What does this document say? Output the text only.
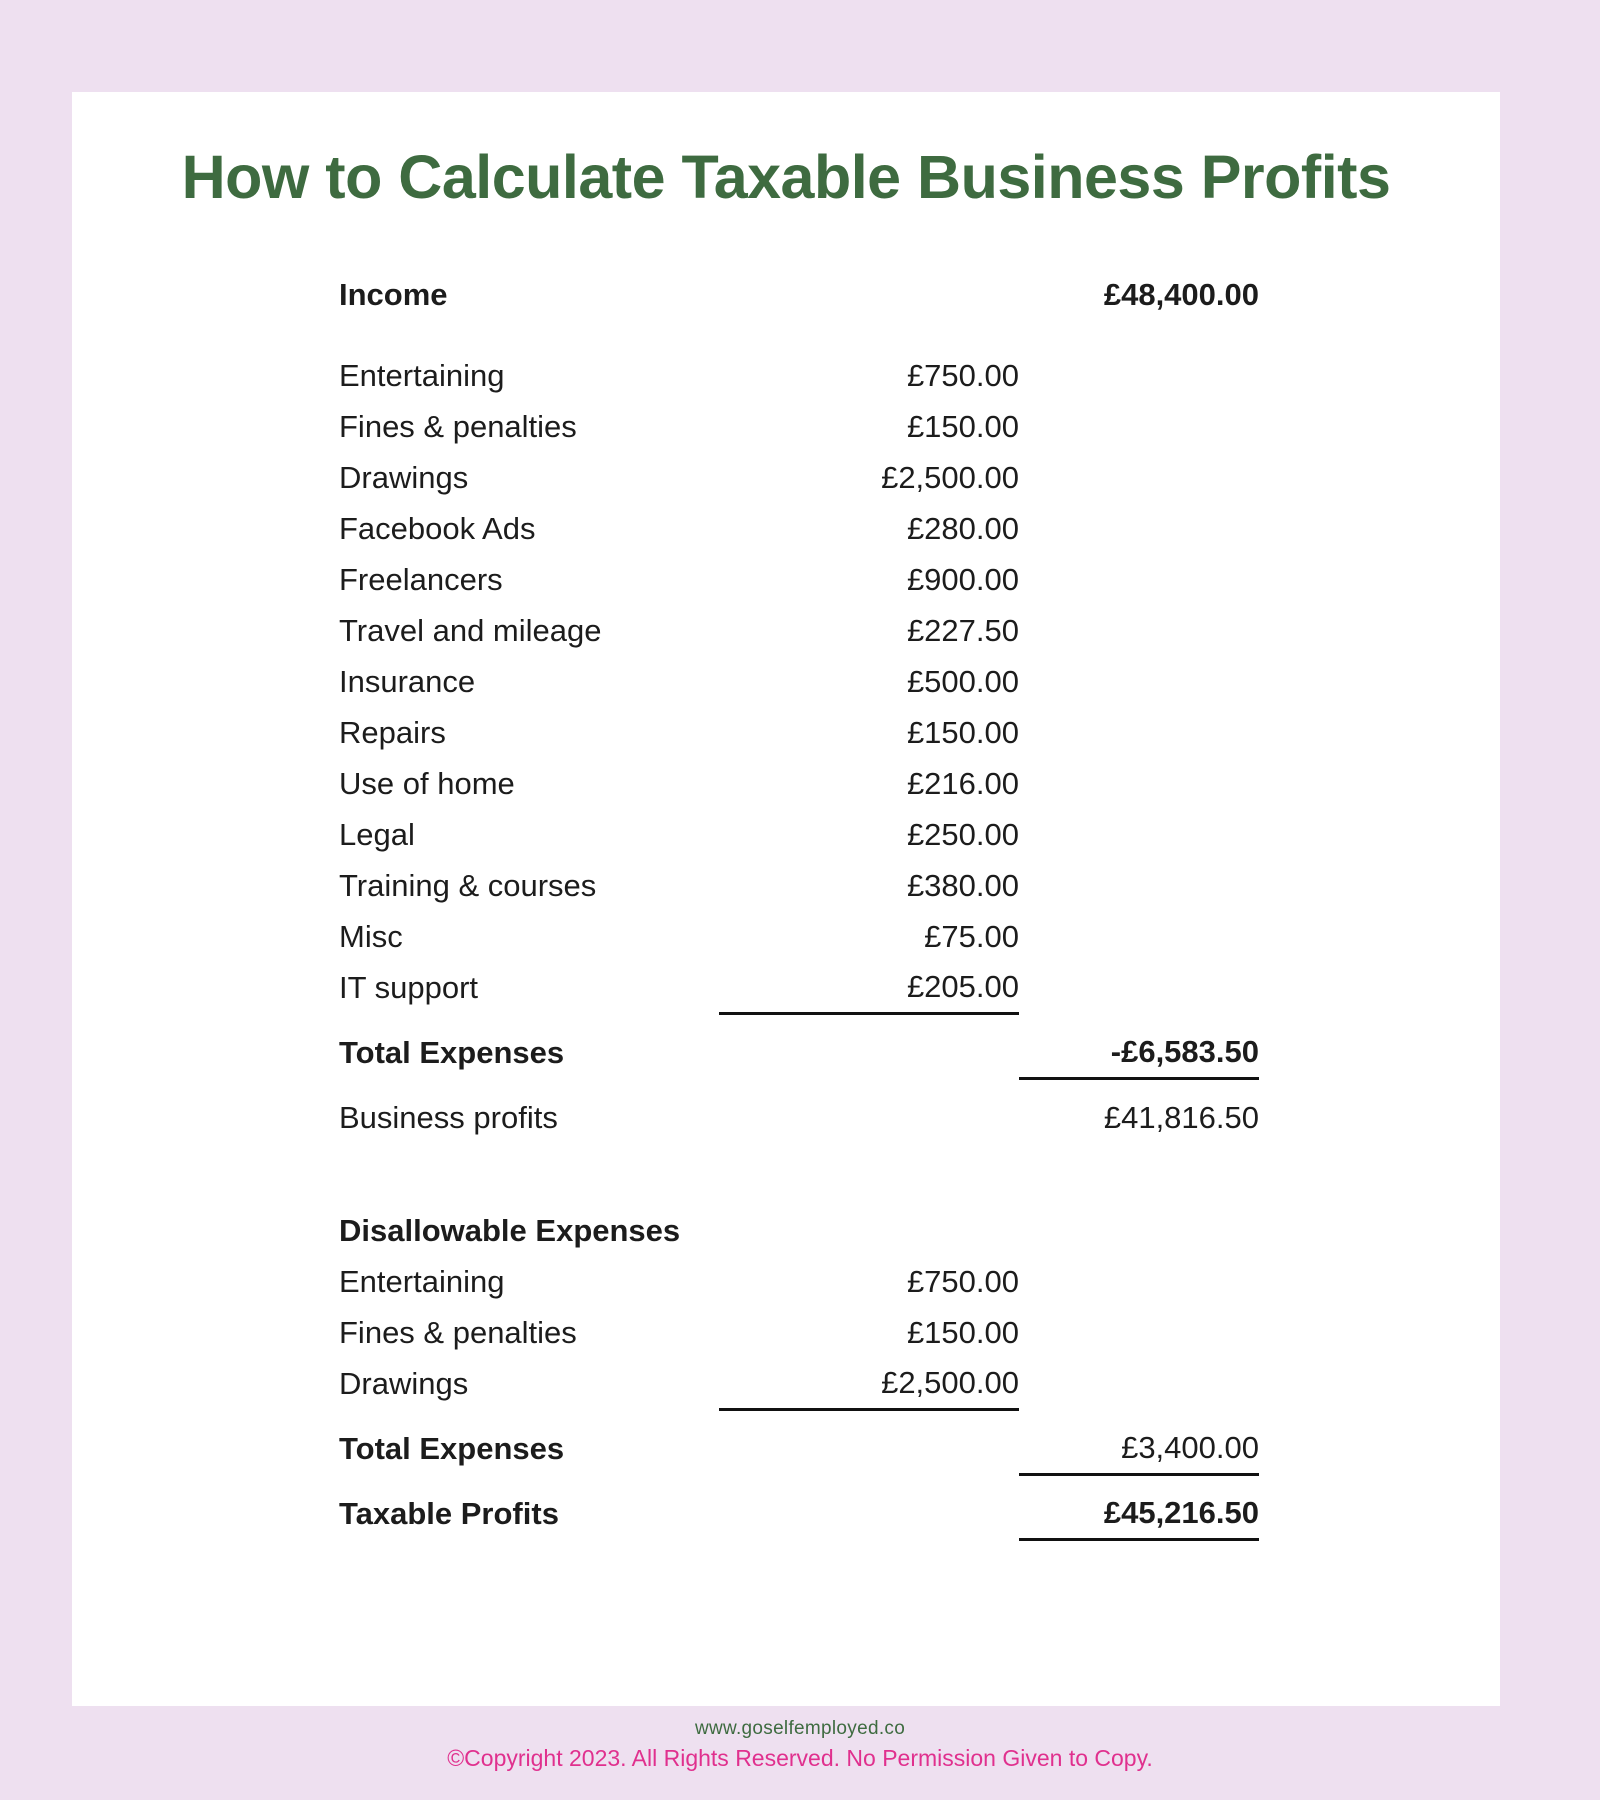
How to Calculate Taxable Business Profits
Income		£48,400.00

Entertaining	£750.00	
Fines & penalties	£150.00	
Drawings	£2,500.00	
Facebook Ads	£280.00	
Freelancers	£900.00	
Travel and mileage	£227.50	
Insurance	£500.00	
Repairs	£150.00	
Use of home	£216.00	
Legal	£250.00	
Training & courses	£380.00	
Misc	£75.00	
IT support	£205.00	

Total Expenses		-£6,583.50

Business profits		£41,816.50

Disallowable Expenses		
Entertaining	£750.00	
Fines & penalties	£150.00	
Drawings	£2,500.00	

Total Expenses		£3,400.00

Taxable Profits		£45,216.50

www.goselfemployed.co
©Copyright 2023. All Rights Reserved. No Permission Given to Copy.
